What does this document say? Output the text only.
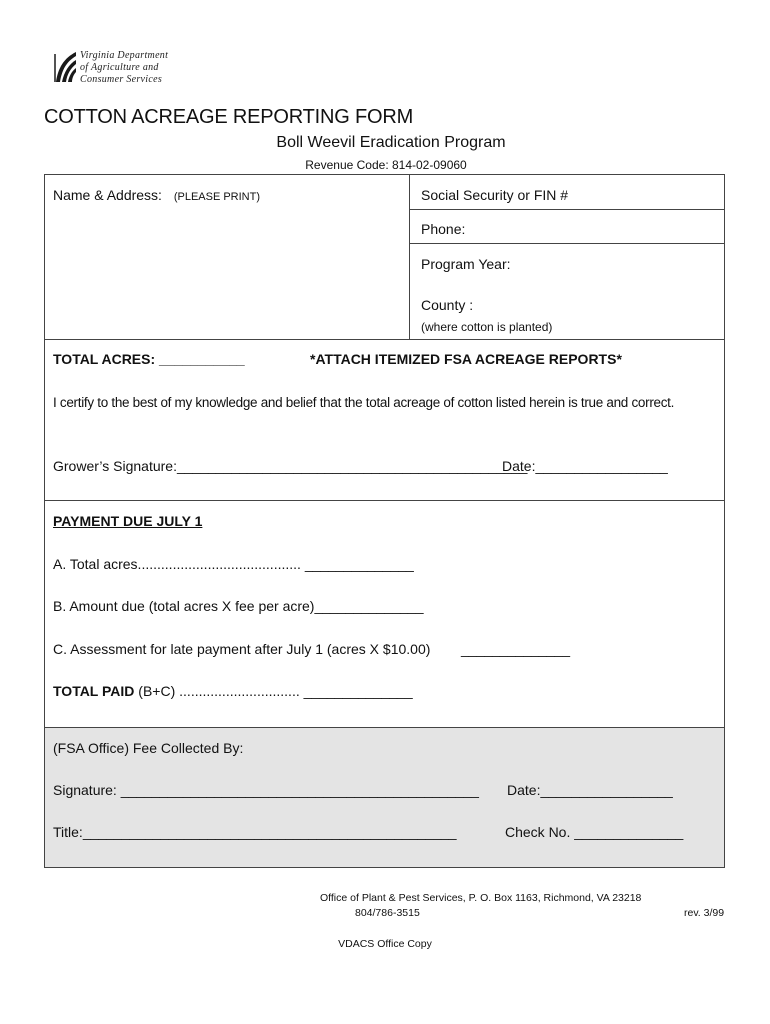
Virginia Department
of Agriculture and
Consumer Services
COTTON ACREAGE REPORTING FORM
Boll Weevil Eradication Program
Revenue Code: 814-02-09060
Name & Address: (PLEASE PRINT)	Social Security or FIN #
Phone:
Program Year:
County :
(where cotton is planted)
TOTAL ACRES: ___________	*ATTACH ITEMIZED FSA ACREAGE REPORTS*
I certify to the best of my knowledge and belief that the total acreage of cotton listed herein is true and correct.
Grower’s Signature:_____________________________________________
Date:_________________
PAYMENT DUE JULY 1
A. Total acres.......................................... ______________
B. Amount due (total acres X fee per acre)______________
C. Assessment for late payment after July 1 (acres X $10.00) ______________
TOTAL PAID (B+C) ............................... ______________
(FSA Office) Fee Collected By:
Signature: ______________________________________________ Date:_________________
Title:________________________________________________	Check No. ______________
Office of Plant & Pest Services, P. O. Box 1163, Richmond, VA 23218
804/786-3515	rev. 3/99
VDACS Office Copy
